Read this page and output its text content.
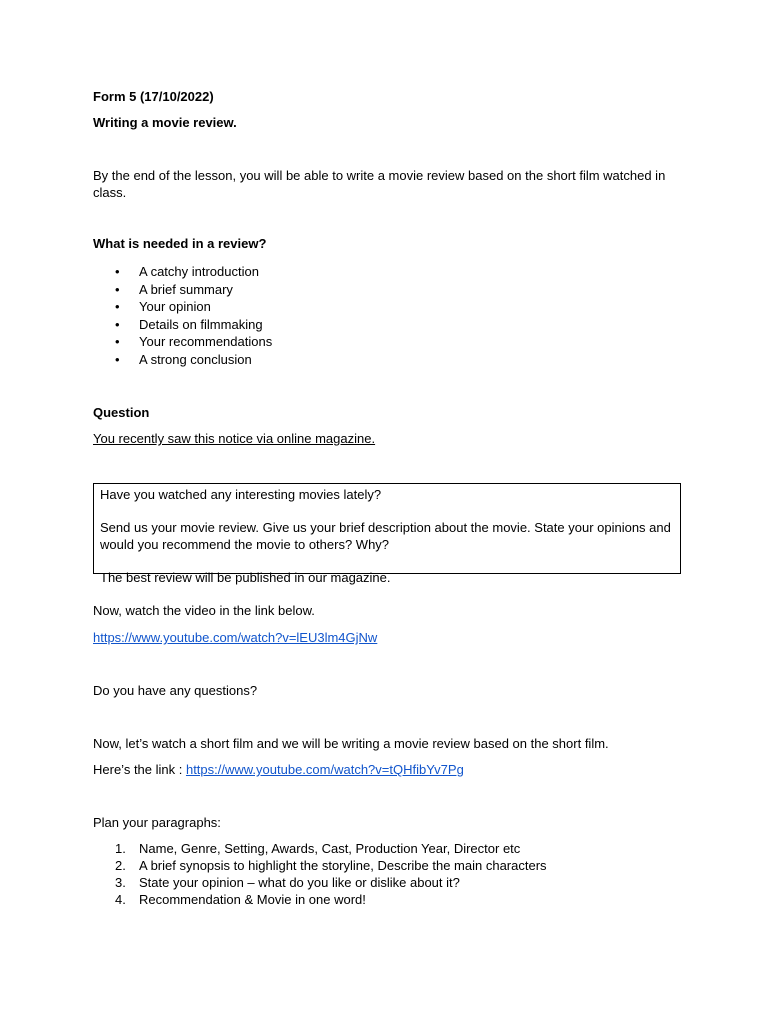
Form 5 (17/10/2022)
Writing a movie review.
By the end of the lesson, you will be able to write a movie review based on the short film watched in class.
What is needed in a review?
• A catchy introduction
• A brief summary
• Your opinion
• Details on filmmaking
• Your recommendations
• A strong conclusion
Question
You recently saw this notice via online magazine.

Have you watched any interesting movies lately?

Send us your movie review. Give us your brief description about the movie. State your opinions and would you recommend the movie to others? Why?

The best review will be published in our magazine.

Now, watch the video in the link below.
https://www.youtube.com/watch?v=lEU3lm4GjNw
Do you have any questions?
Now, let’s watch a short film and we will be writing a movie review based on the short film.
Here’s the link : https://www.youtube.com/watch?v=tQHfibYv7Pg
Plan your paragraphs:
1. Name, Genre, Setting, Awards, Cast, Production Year, Director etc
2. A brief synopsis to highlight the storyline, Describe the main characters
3. State your opinion – what do you like or dislike about it?
4. Recommendation & Movie in one word!
